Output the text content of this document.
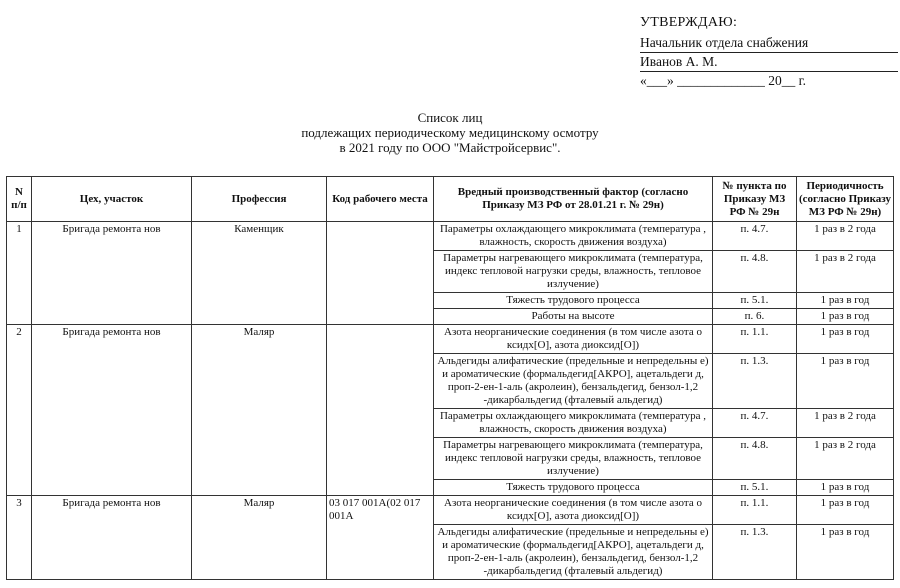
УТВЕРЖДАЮ:
Начальник отдела снабжения
Иванов А. М.
«___» _____________ 20__ г.
Список лиц
подлежащих периодическому медицинскому осмотру
в 2021 году по ООО "Майстройсервис".
N п/п	Цех, участок	Профессия	Код рабочего места	Вредный производственный фактор (согласно Приказу МЗ РФ от 28.01.21 г. № 29н)	№ пункта по Приказу МЗ РФ № 29н	Периодичность (согласно Приказу МЗ РФ № 29н)
1	Бригада ремонта нов	Каменщик		Параметры охлаждающего микроклимата (температура , влажность, скорость движения воздуха)	п. 4.7.	1 раз в 2 года
				Параметры нагревающего микроклимата (температура, индекс тепловой нагрузки среды, влажность, тепловое излучение)	п. 4.8.	1 раз в 2 года
				Тяжесть трудового процесса	п. 5.1.	1 раз в год
				Работы на высоте	п. 6.	1 раз в год
2	Бригада ремонта нов	Маляр		Азота неорганические соединения (в том числе азота о ксидх[О], азота диоксид[О])	п. 1.1.	1 раз в год
				Альдегиды алифатические (предельные и непредельны е) и ароматические (формальдегид[АКРО], ацетальдеги д, проп-2-ен-1-аль (акролеин), бензальдегид, бензол-1,2 -дикарбальдегид (фталевый альдегид)	п. 1.3.	1 раз в год
				Параметры охлаждающего микроклимата (температура , влажность, скорость движения воздуха)	п. 4.7.	1 раз в 2 года
				Параметры нагревающего микроклимата (температура, индекс тепловой нагрузки среды, влажность, тепловое излучение)	п. 4.8.	1 раз в 2 года
				Тяжесть трудового процесса	п. 5.1.	1 раз в год
3	Бригада ремонта нов	Маляр	03 017 001А(02 017 001А	Азота неорганические соединения (в том числе азота о ксидх[О], азота диоксид[О])	п. 1.1.	1 раз в год
				Альдегиды алифатические (предельные и непредельны е) и ароматические (формальдегид[АКРО], ацетальдеги д, проп-2-ен-1-аль (акролеин), бензальдегид, бензол-1,2 -дикарбальдегид (фталевый альдегид)	п. 1.3.	1 раз в год
